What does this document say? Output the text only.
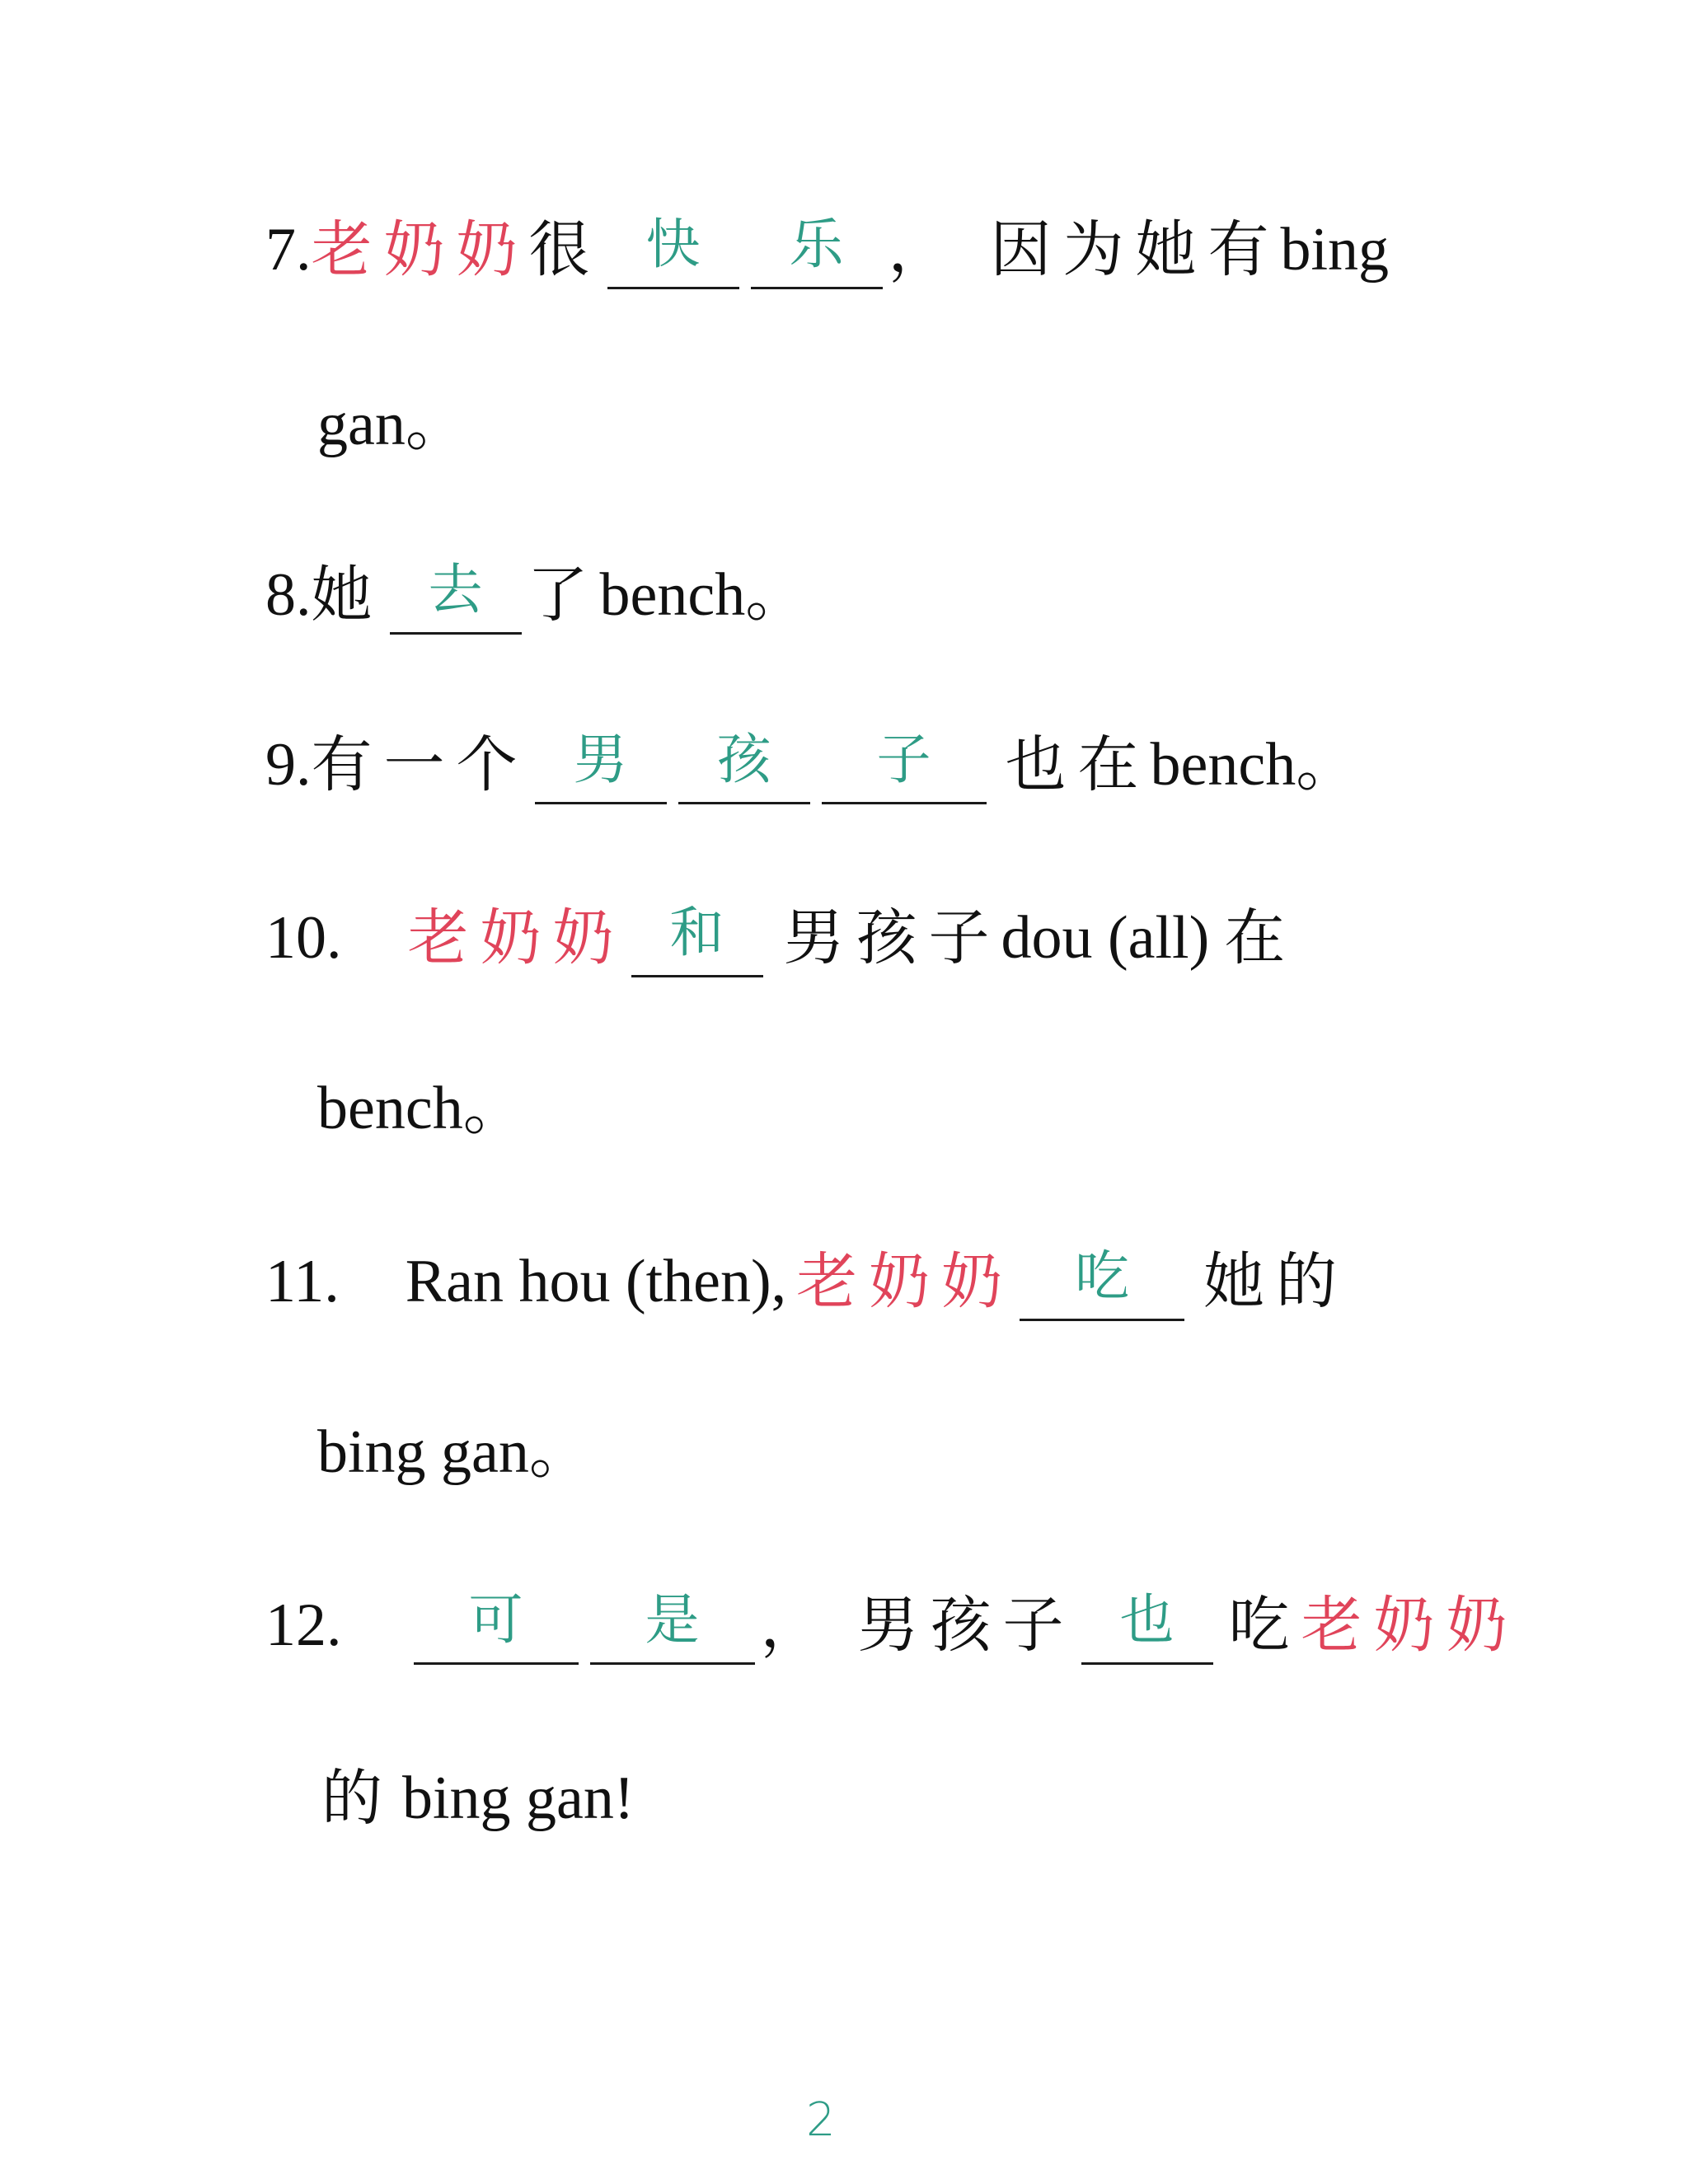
7. 老奶奶 很 快 乐 ， 因为她有 bing
gan。
8. 她 去 了 bench。
9. 有一个 男 孩 子 也在 bench。
10. 老奶奶 和 男孩子 dou (all) 在
bench。
11. Ran hou (then), 老奶奶 吃 她的
bing gan。
12. 可 是 ， 男孩子 也 吃 老奶奶
的 bing gan!
2
